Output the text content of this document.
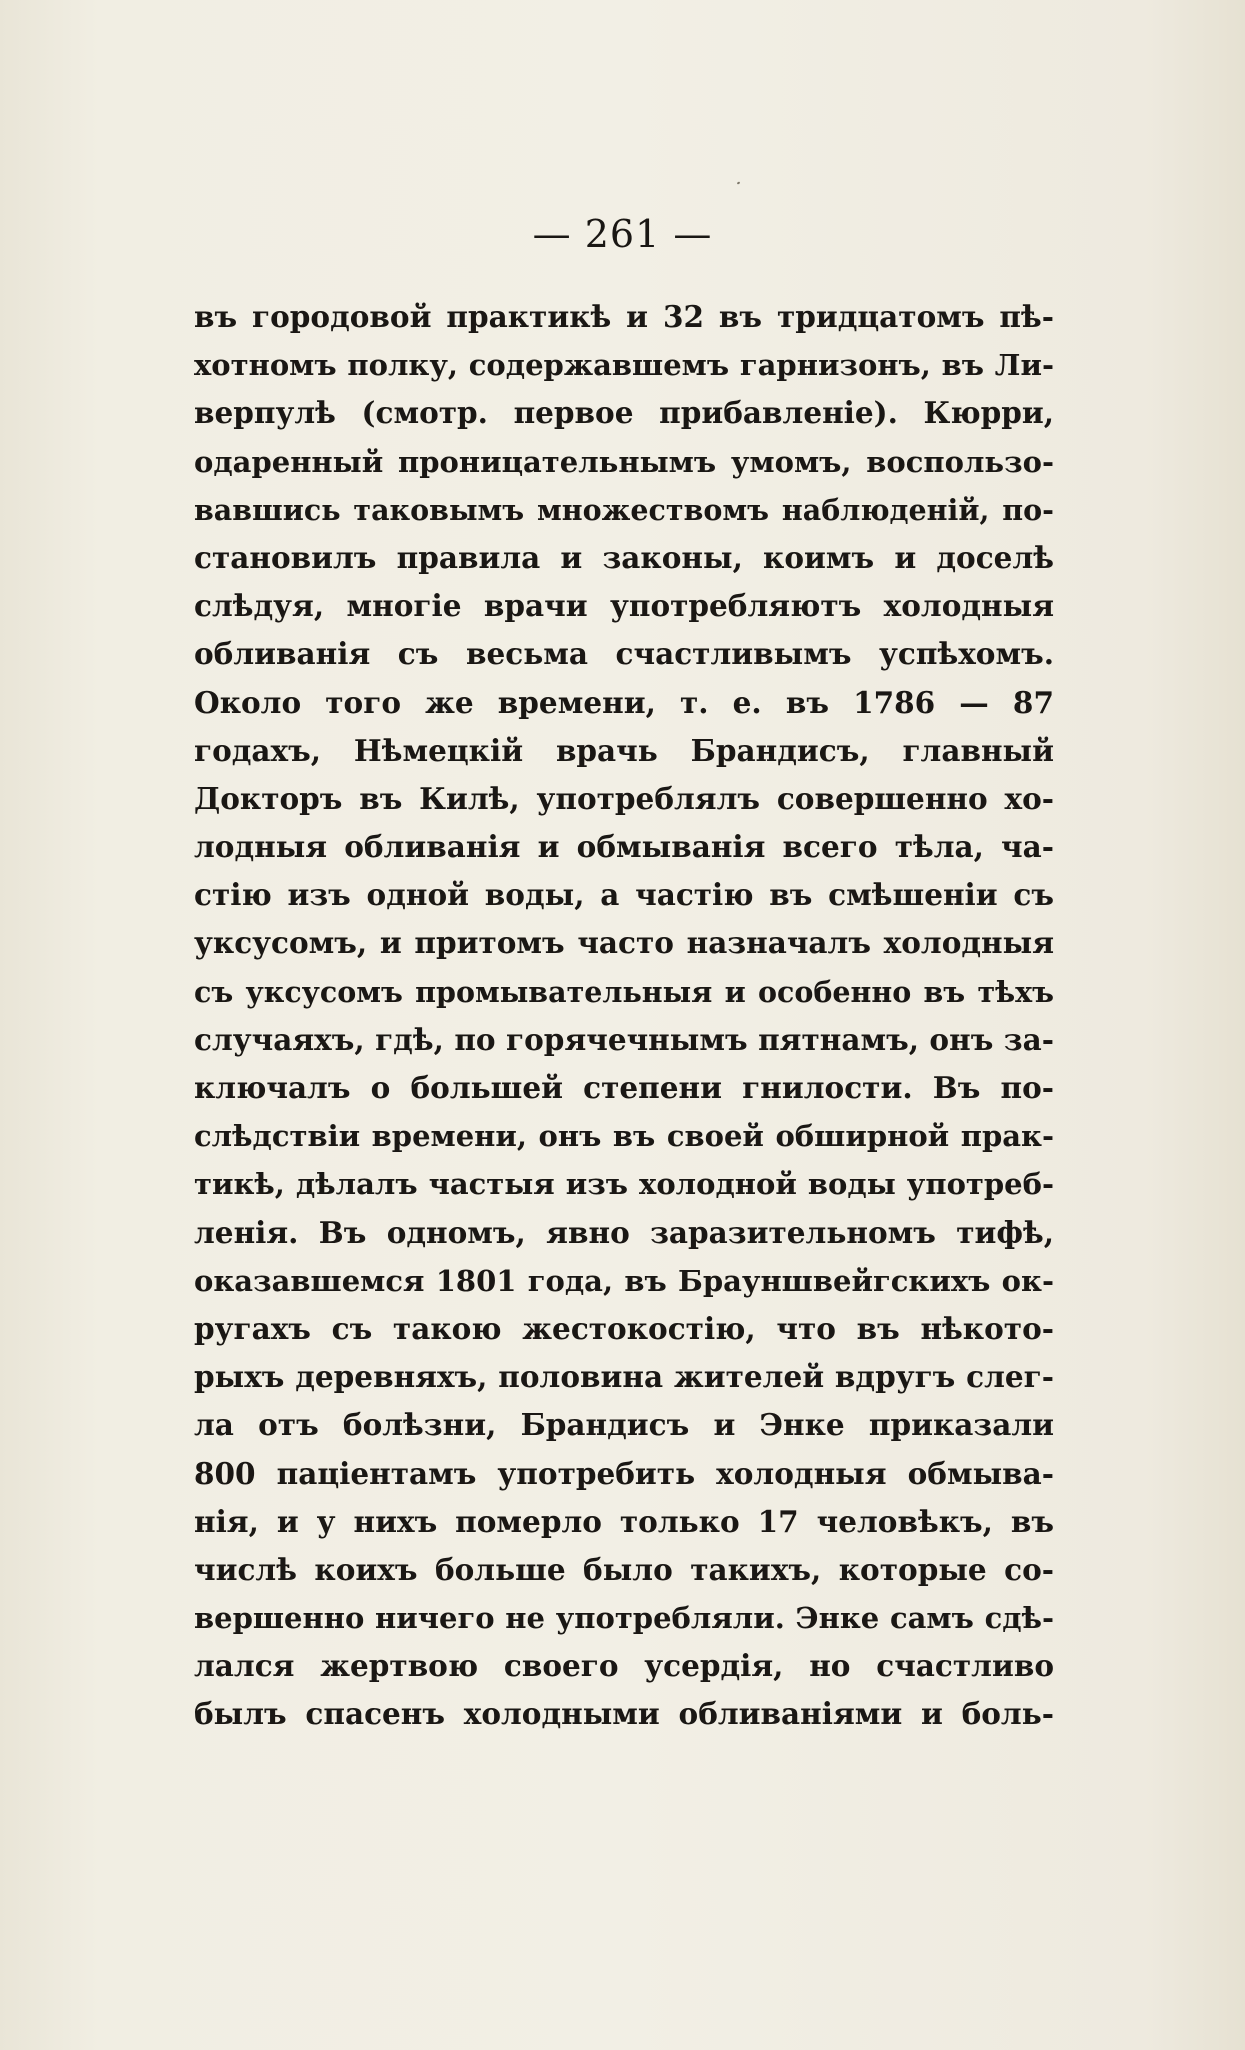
— 261 —
въ городовой практикѣ и 32 въ тридцатомъ пѣ-
хотномъ полку, содержавшемъ гарнизонъ, въ Ли-
верпулѣ (смотр. первое прибавленіе). Кюрри,
одаренный проницательнымъ умомъ, воспользо-
вавшись таковымъ множествомъ наблюденій, по-
становилъ правила и законы, коимъ и доселѣ
слѣдуя, многіе врачи употребляютъ холодныя
обливанія съ весьма счастливымъ успѣхомъ.
Около того же времени, т. е. въ 1786 — 87
годахъ, Нѣмецкій врачь Брандисъ, главный
Докторъ въ Килѣ, употреблялъ совершенно хо-
лодныя обливанія и обмыванія всего тѣла, ча-
стію изъ одной воды, а частію въ смѣшеніи съ
уксусомъ, и притомъ часто назначалъ холодныя
съ уксусомъ промывательныя и особенно въ тѣхъ
случаяхъ, гдѣ, по горячечнымъ пятнамъ, онъ за-
ключалъ о большей степени гнилости. Въ по-
слѣдствіи времени, онъ въ своей обширной прак-
тикѣ, дѣлалъ частыя изъ холодной воды употреб-
ленія. Въ одномъ, явно заразительномъ тифѣ,
оказавшемся 1801 года, въ Брауншвейгскихъ ок-
ругахъ съ такою жестокостію, что въ нѣкото-
рыхъ деревняхъ, половина жителей вдругъ слег-
ла отъ болѣзни, Брандисъ и Энке приказали
800 паціентамъ употребить холодныя обмыва-
нія, и у нихъ померло только 17 человѣкъ, въ
числѣ коихъ больше было такихъ, которые со-
вершенно ничего не употребляли. Энке самъ сдѣ-
лался жертвою своего усердія, но счастливо
былъ спасенъ холодными обливаніями и боль-
